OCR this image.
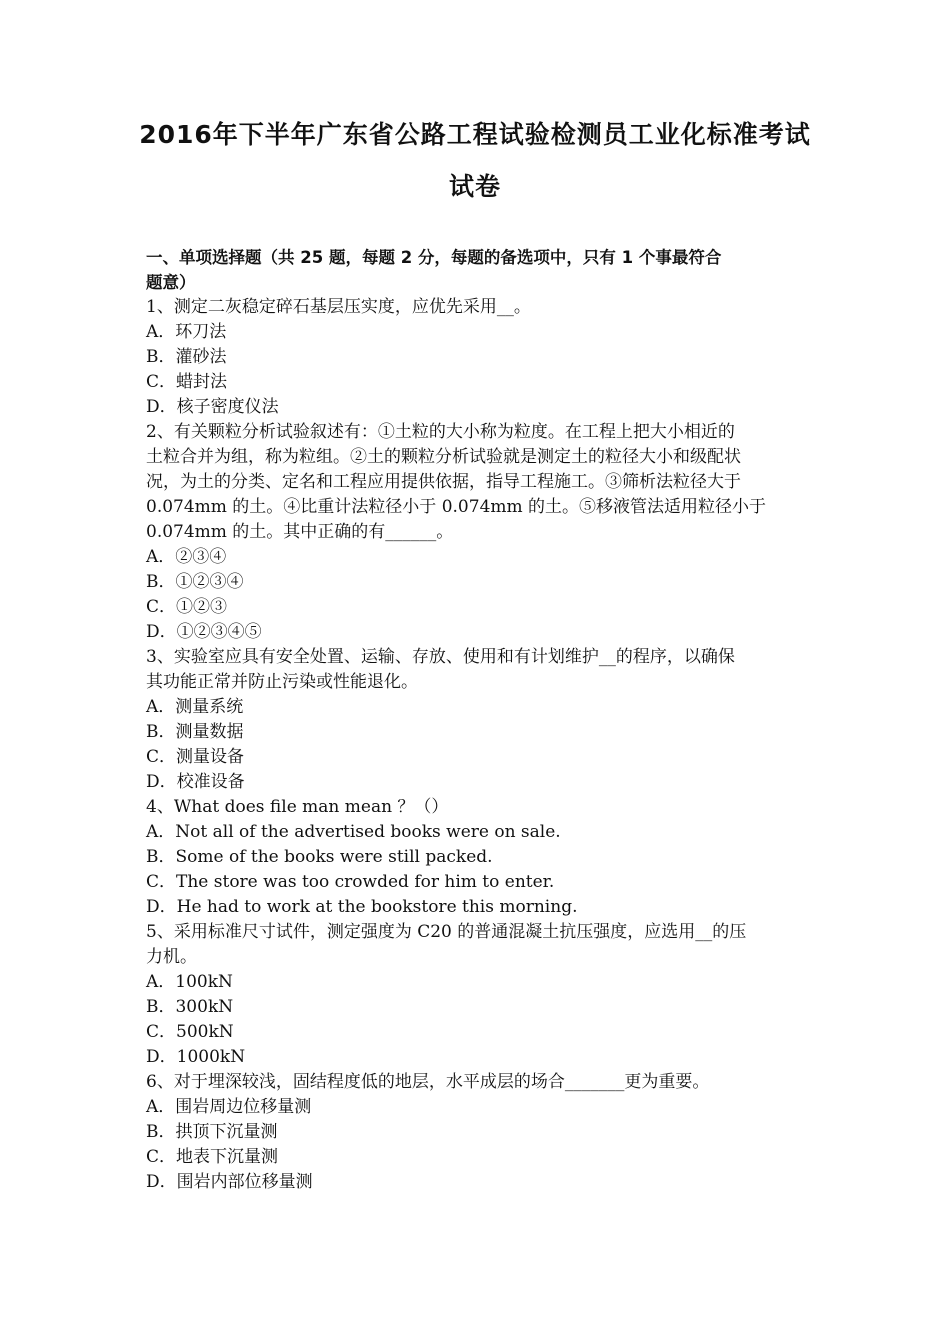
2016年下半年广东省公路工程试验检测员工业化标准考试
试卷
一、单项选择题（共 25 题，每题 2 分，每题的备选项中，只有 1 个事最符合
题意）
1、测定二灰稳定碎石基层压实度，应优先采用__。
A．环刀法
B．灌砂法
C．蜡封法
D．核子密度仪法
2、有关颗粒分析试验叙述有：①土粒的大小称为粒度。在工程上把大小相近的
土粒合并为组，称为粒组。②土的颗粒分析试验就是测定土的粒径大小和级配状
况，为土的分类、定名和工程应用提供依据，指导工程施工。③筛析法粒径大于
0.074mm 的土。④比重计法粒径小于 0.074mm 的土。⑤移液管法适用粒径小于
0.074mm 的土。其中正确的有______。
A．②③④
B．①②③④
C．①②③
D．①②③④⑤
3、实验室应具有安全处置、运输、存放、使用和有计划维护__的程序，以确保
其功能正常并防止污染或性能退化。
A．测量系统
B．测量数据
C．测量设备
D．校准设备
4、What does file man mean ？（）
A．Not all of the advertised books were on sale.
B．Some of the books were still packed.
C．The store was too crowded for him to enter.
D．He had to work at the bookstore this morning.
5、采用标准尺寸试件，测定强度为 C20 的普通混凝土抗压强度，应选用__的压
力机。
A．100kN
B．300kN
C．500kN
D．1000kN
6、对于埋深较浅，固结程度低的地层，水平成层的场合_______更为重要。
A．围岩周边位移量测
B．拱顶下沉量测
C．地表下沉量测
D．围岩内部位移量测
